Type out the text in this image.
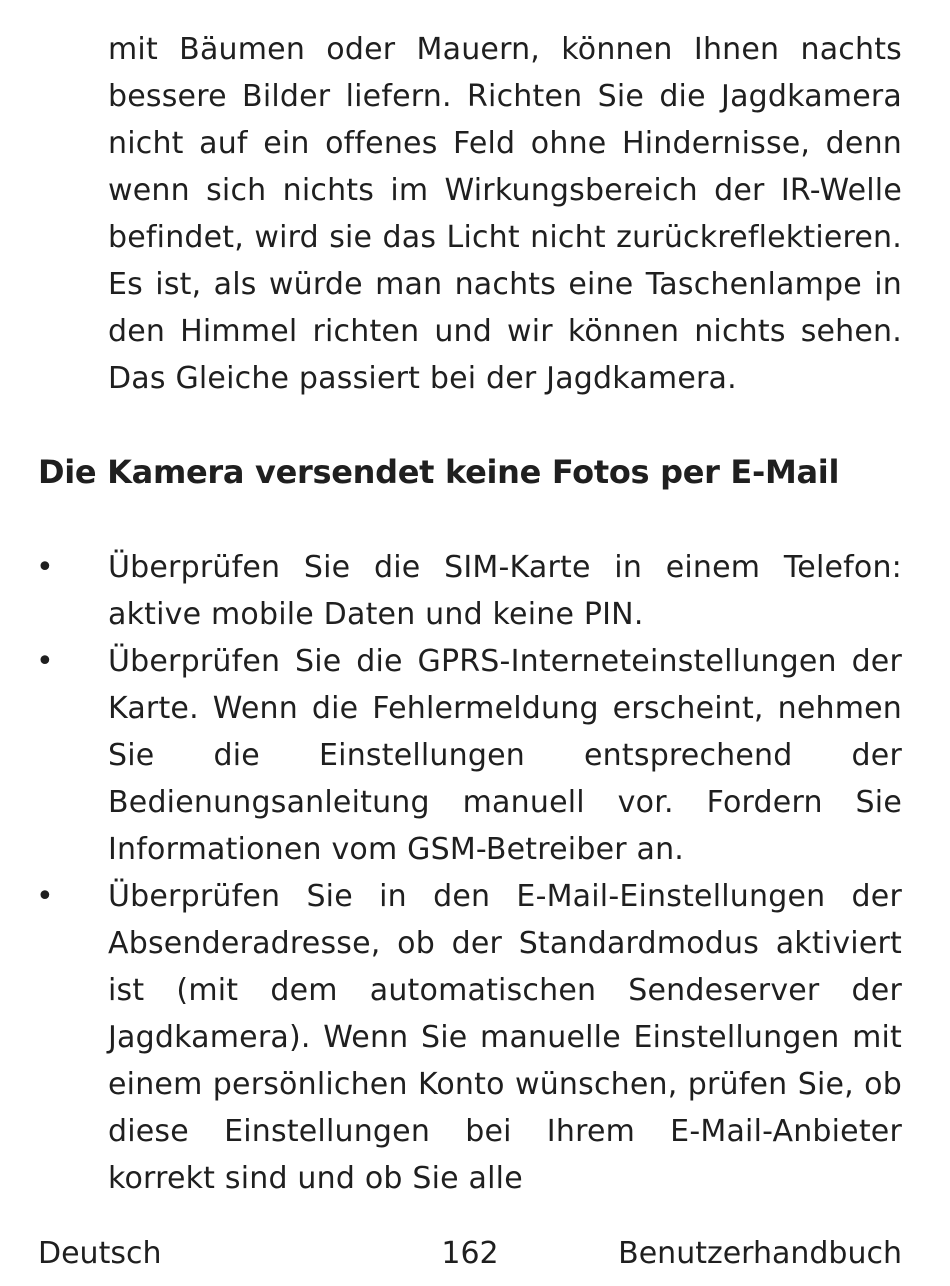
mit Bäumen oder Mauern, können Ihnen nachts bessere Bilder liefern. Richten Sie die Jagdkamera nicht auf ein offenes Feld ohne Hindernisse, denn wenn sich nichts im Wirkungsbereich der IR-Welle befindet, wird sie das Licht nicht zurückreflektieren. Es ist, als würde man nachts eine Taschenlampe in den Himmel richten und wir können nichts sehen. Das Gleiche passiert bei der Jagdkamera.

Die Kamera versendet keine Fotos per E-Mail
• Überprüfen Sie die SIM-Karte in einem Telefon: aktive mobile Daten und keine PIN.
• Überprüfen Sie die GPRS-Interneteinstellungen der Karte. Wenn die Fehlermeldung erscheint, nehmen Sie die Einstellungen entsprechend der Bedienungsanleitung manuell vor. Fordern Sie Informationen vom GSM-Betreiber an.
• Überprüfen Sie in den E-Mail-Einstellungen der Absenderadresse, ob der Standardmodus aktiviert ist (mit dem automatischen Sendeserver der Jagdkamera). Wenn Sie manuelle Einstellungen mit einem persönlichen Konto wünschen, prüfen Sie, ob diese Einstellungen bei Ihrem E-Mail-Anbieter korrekt sind und ob Sie alle
Deutsch	162	Benutzerhandbuch
